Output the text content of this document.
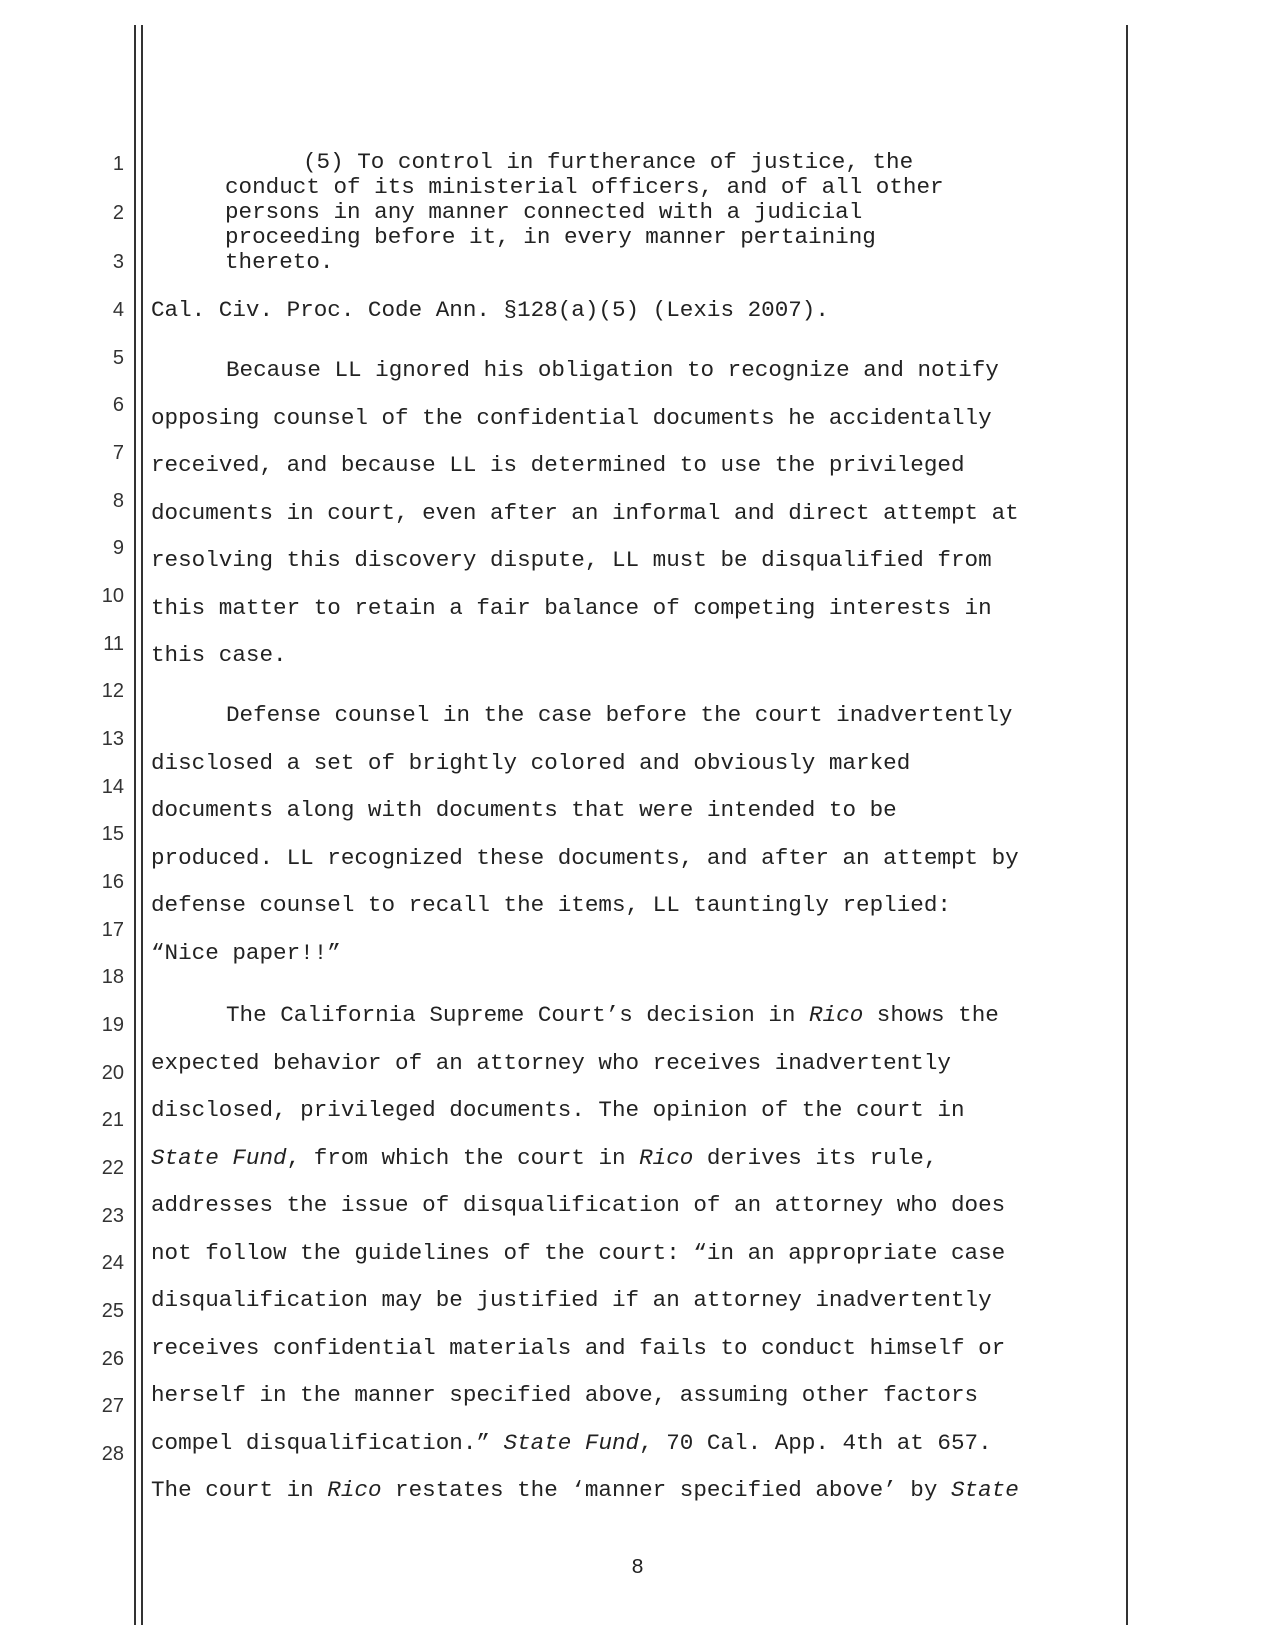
1
2
3
4
5
6
7
8
9
10
11
12
13
14
15
16
17
18
19
20
21
22
23
24
25
26
27
28

(5) To control in furtherance of justice, the

conduct of its ministerial officers, and of all other

persons in any manner connected with a judicial

proceeding before it, in every manner pertaining

thereto.

Cal. Civ. Proc. Code Ann. §128(a)(5) (Lexis 2007).
Because LL ignored his obligation to recognize and notify
opposing counsel of the confidential documents he accidentally
received, and because LL is determined to use the privileged
documents in court, even after an informal and direct attempt at
resolving this discovery dispute, LL must be disqualified from
this matter to retain a fair balance of competing interests in
this case.
Defense counsel in the case before the court inadvertently
disclosed a set of brightly colored and obviously marked
documents along with documents that were intended to be
produced. LL recognized these documents, and after an attempt by
defense counsel to recall the items, LL tauntingly replied:
“Nice paper!!”
The California Supreme Court’s decision in Rico shows the
expected behavior of an attorney who receives inadvertently
disclosed, privileged documents. The opinion of the court in
State Fund, from which the court in Rico derives its rule,
addresses the issue of disqualification of an attorney who does
not follow the guidelines of the court: “in an appropriate case
disqualification may be justified if an attorney inadvertently
receives confidential materials and fails to conduct himself or
herself in the manner specified above, assuming other factors
compel disqualification.” State Fund, 70 Cal. App. 4th at 657.
The court in Rico restates the ‘manner specified above’ by State
8
